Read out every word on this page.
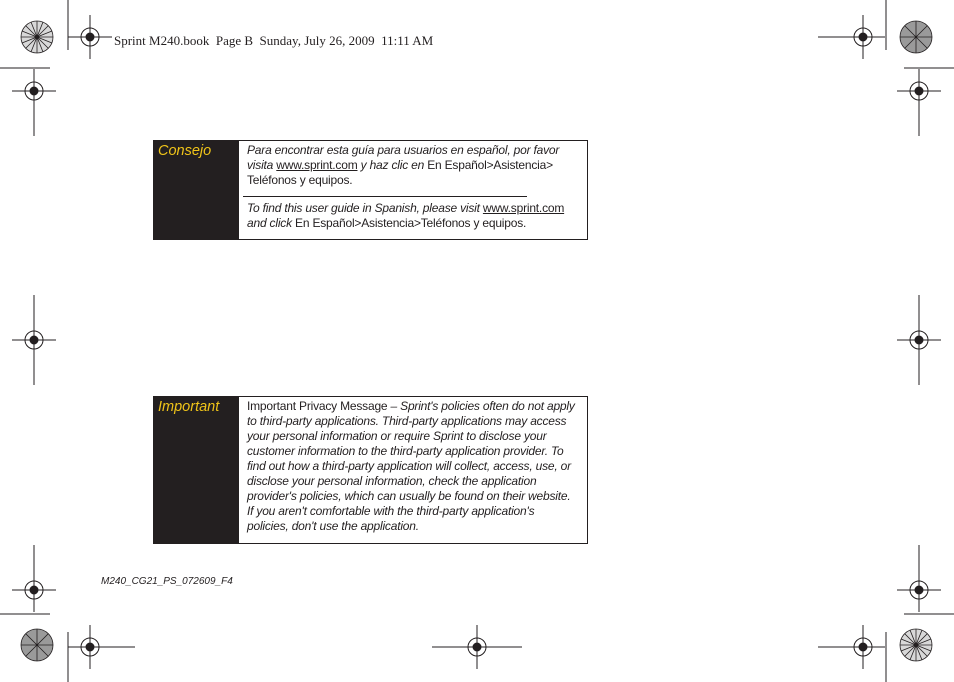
Sprint M240.book  Page B  Sunday, July 26, 2009  11:11 AM
Consejo	Para encontrar esta guía para usuarios en español, por favor visita www.sprint.com y haz clic en En Español>Asistencia> Teléfonos y equipos.
To find this user guide in Spanish, please visit www.sprint.com and click En Español>Asistencia>Teléfonos y equipos.
Important	Important Privacy Message – Sprint's policies often do not apply to third-party applications. Third-party applications may access your personal information or require Sprint to disclose your customer information to the third-party application provider. To find out how a third-party application will collect, access, use, or disclose your personal information, check the application provider's policies, which can usually be found on their website. If you aren't comfortable with the third-party application's policies, don't use the application.
M240_CG21_PS_072609_F4
